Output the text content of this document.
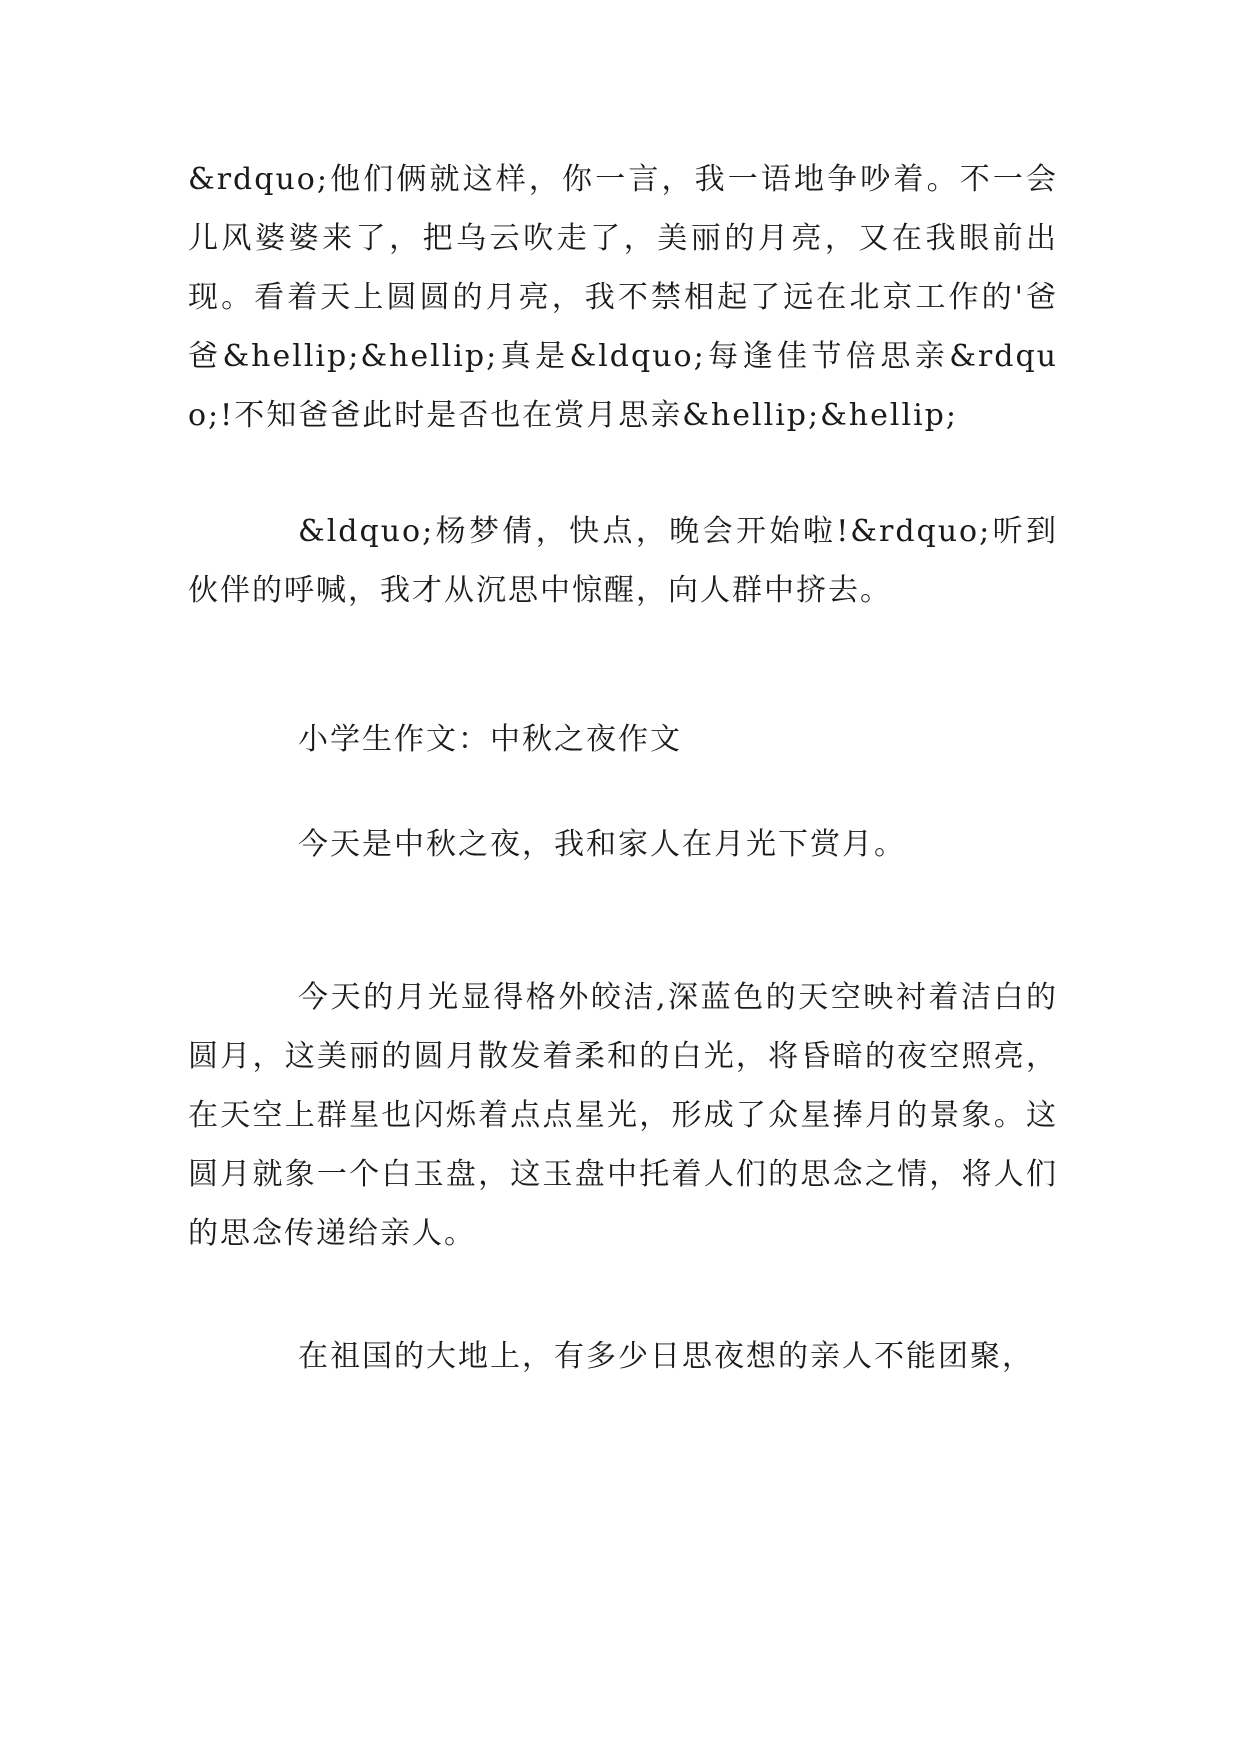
&rdquo;他们俩就这样，你一言，我一语地争吵着。不一会儿风婆婆来了，把乌云吹走了，美丽的月亮，又在我眼前出现。看着天上圆圆的月亮，我不禁相起了远在北京工作的'爸爸&hellip;&hellip;真是&ldquo;每逢佳节倍思亲&rdquo;!不知爸爸此时是否也在赏月思亲&hellip;&hellip;

&ldquo;杨梦倩，快点，晚会开始啦!&rdquo;听到伙伴的呼喊，我才从沉思中惊醒，向人群中挤去。

小学生作文：中秋之夜作文

今天是中秋之夜，我和家人在月光下赏月。

今天的月光显得格外皎洁,深蓝色的天空映衬着洁白的圆月，这美丽的圆月散发着柔和的白光，将昏暗的夜空照亮，在天空上群星也闪烁着点点星光，形成了众星捧月的景象。这圆月就象一个白玉盘，这玉盘中托着人们的思念之情，将人们的思念传递给亲人。

在祖国的大地上，有多少日思夜想的亲人不能团聚，
